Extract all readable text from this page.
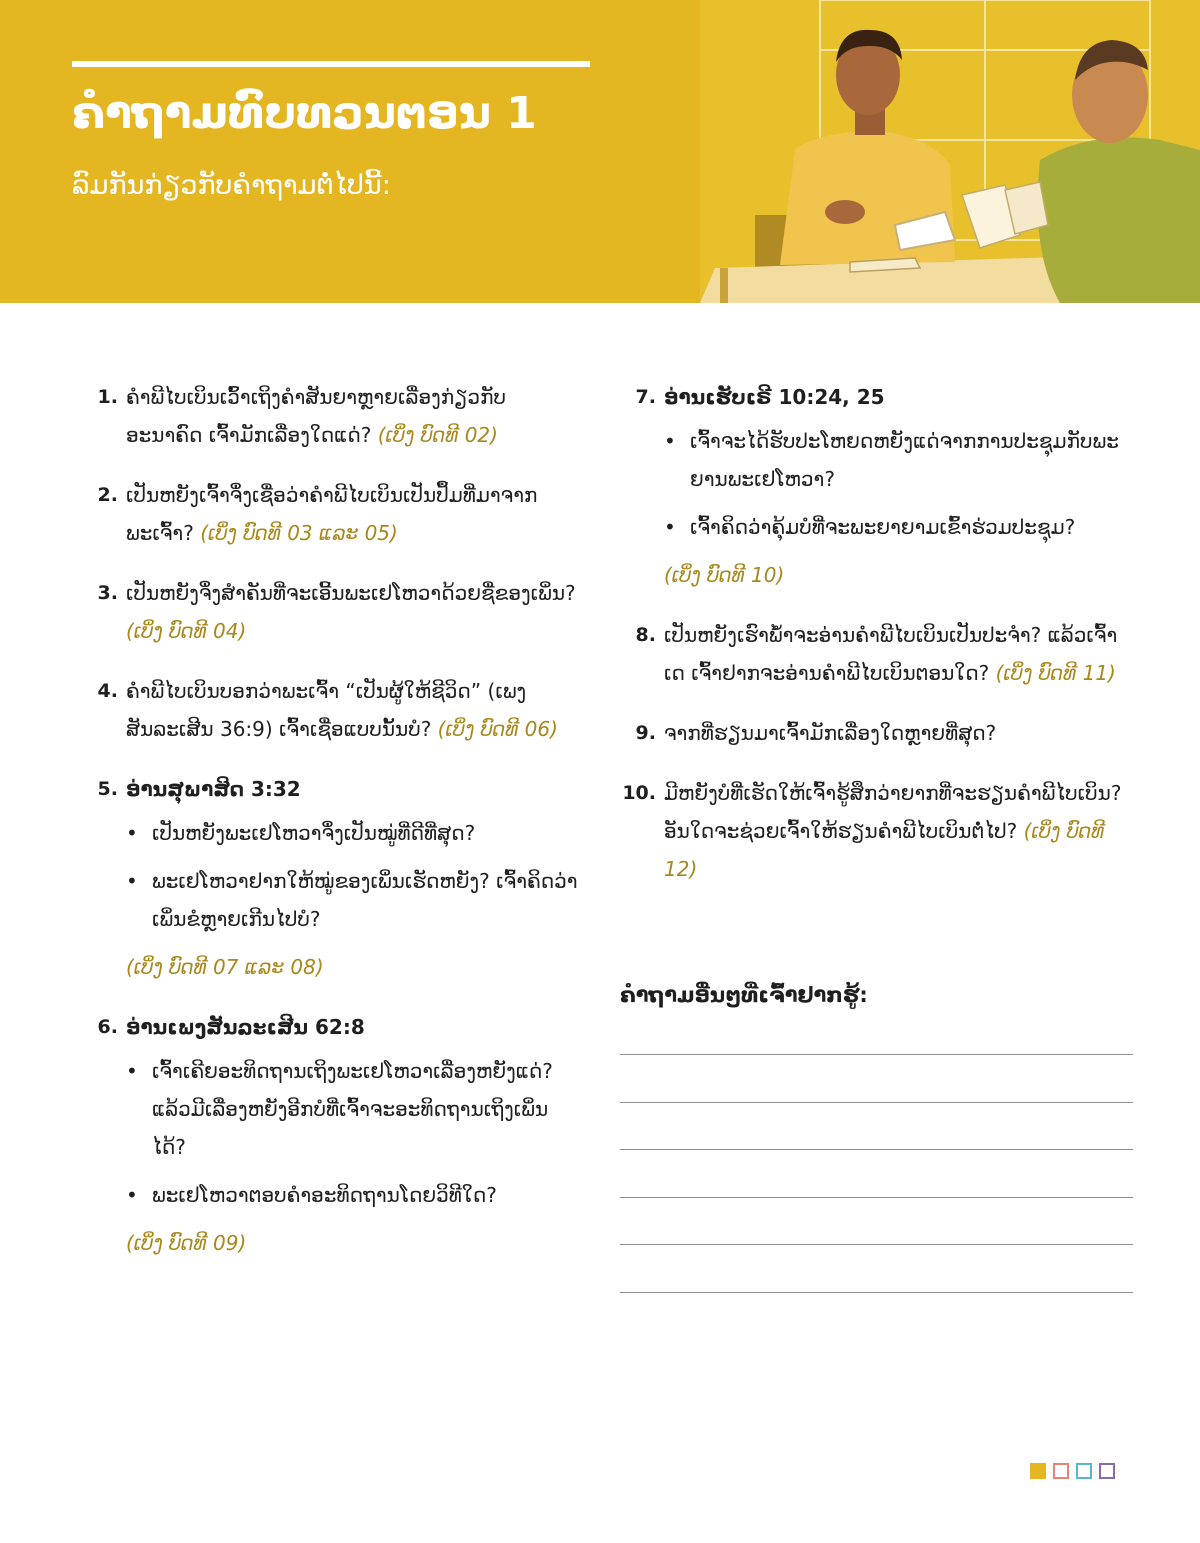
ຄຳຖາມທົບທວນຕອນ 1
ລົມກັນກ່ຽວກັບຄຳຖາມຕໍ່ໄປນີ້:
1. ຄຳພີໄບເບິນເວົ້າເຖິງຄຳສັນຍາຫຼາຍເລື່ອງກ່ຽວກັບອະນາຄົດ ເຈົ້າມັກເລື່ອງໃດແດ່? (ເບິ່ງ ບົດທີ 02)
2. ເປັນຫຍັງເຈົ້າຈຶ່ງເຊື່ອວ່າຄຳພີໄບເບິນເປັນປຶ້ມທີ່ມາຈາກພະເຈົ້າ? (ເບິ່ງ ບົດທີ 03 ແລະ 05)
3. ເປັນຫຍັງຈຶ່ງສຳຄັນທີ່ຈະເອີ້ນພະເຢໂຫວາດ້ວຍຊື່ຂອງເພິ່ນ? (ເບິ່ງ ບົດທີ 04)
4. ຄຳພີໄບເບິນບອກວ່າພະເຈົ້າ “ເປັນຜູ້ໃຫ້ຊີວິດ” (ເພງສັນລະເສີນ 36:9) ເຈົ້າເຊື່ອແບບນັ້ນບໍ? (ເບິ່ງ ບົດທີ 06)
5. ອ່ານສຸພາສິດ 3:32
• ເປັນຫຍັງພະເຢໂຫວາຈຶ່ງເປັນໝູ່ທີ່ດີທີ່ສຸດ?
• ພະເຢໂຫວາຢາກໃຫ້ໝູ່ຂອງເພິ່ນເຮັດຫຍັງ? ເຈົ້າຄິດວ່າເພິ່ນຂໍຫຼາຍເກີນໄປບໍ?
(ເບິ່ງ ບົດທີ 07 ແລະ 08)
6. ອ່ານເພງສັນລະເສີນ 62:8
• ເຈົ້າເຄີຍອະທິດຖານເຖິງພະເຢໂຫວາເລື່ອງຫຍັງແດ່? ແລ້ວມີເລື່ອງຫຍັງອີກບໍທີ່ເຈົ້າຈະອະທິດຖານເຖິງເພິ່ນໄດ້?
• ພະເຢໂຫວາຕອບຄຳອະທິດຖານໂດຍວິທີໃດ?
(ເບິ່ງ ບົດທີ 09)
7. ອ່ານເຮັບເຣີ 10:24, 25
• ເຈົ້າຈະໄດ້ຮັບປະໂຫຍດຫຍັງແດ່ຈາກການປະຊຸມກັບພະຍານພະເຢໂຫວາ?
• ເຈົ້າຄິດວ່າຄຸ້ມບໍທີ່ຈະພະຍາຍາມເຂົ້າຮ່ວມປະຊຸມ?
(ເບິ່ງ ບົດທີ 10)
8. ເປັນຫຍັງເຮົາພໍ້າຈະອ່ານຄຳພີໄບເບິນເປັນປະຈຳ? ແລ້ວເຈົ້າເດ ເຈົ້າຢາກຈະອ່ານຄຳພີໄບເບິນຕອນໃດ? (ເບິ່ງ ບົດທີ 11)
9. ຈາກທີ່ຮຽນມາເຈົ້າມັກເລື່ອງໃດຫຼາຍທີ່ສຸດ?
10. ມີຫຍັງບໍທີ່ເຮັດໃຫ້ເຈົ້າຮູ້ສຶກວ່າຍາກທີ່ຈະຮຽນຄຳພີໄບເບິນ? ອັນໃດຈະຊ່ວຍເຈົ້າໃຫ້ຮຽນຄຳພີໄບເບິນຕໍ່ໄປ? (ເບິ່ງ ບົດທີ 12)
ຄຳຖາມອື່ນໆທີ່ເຈົ້າຢາກຮູ້:
